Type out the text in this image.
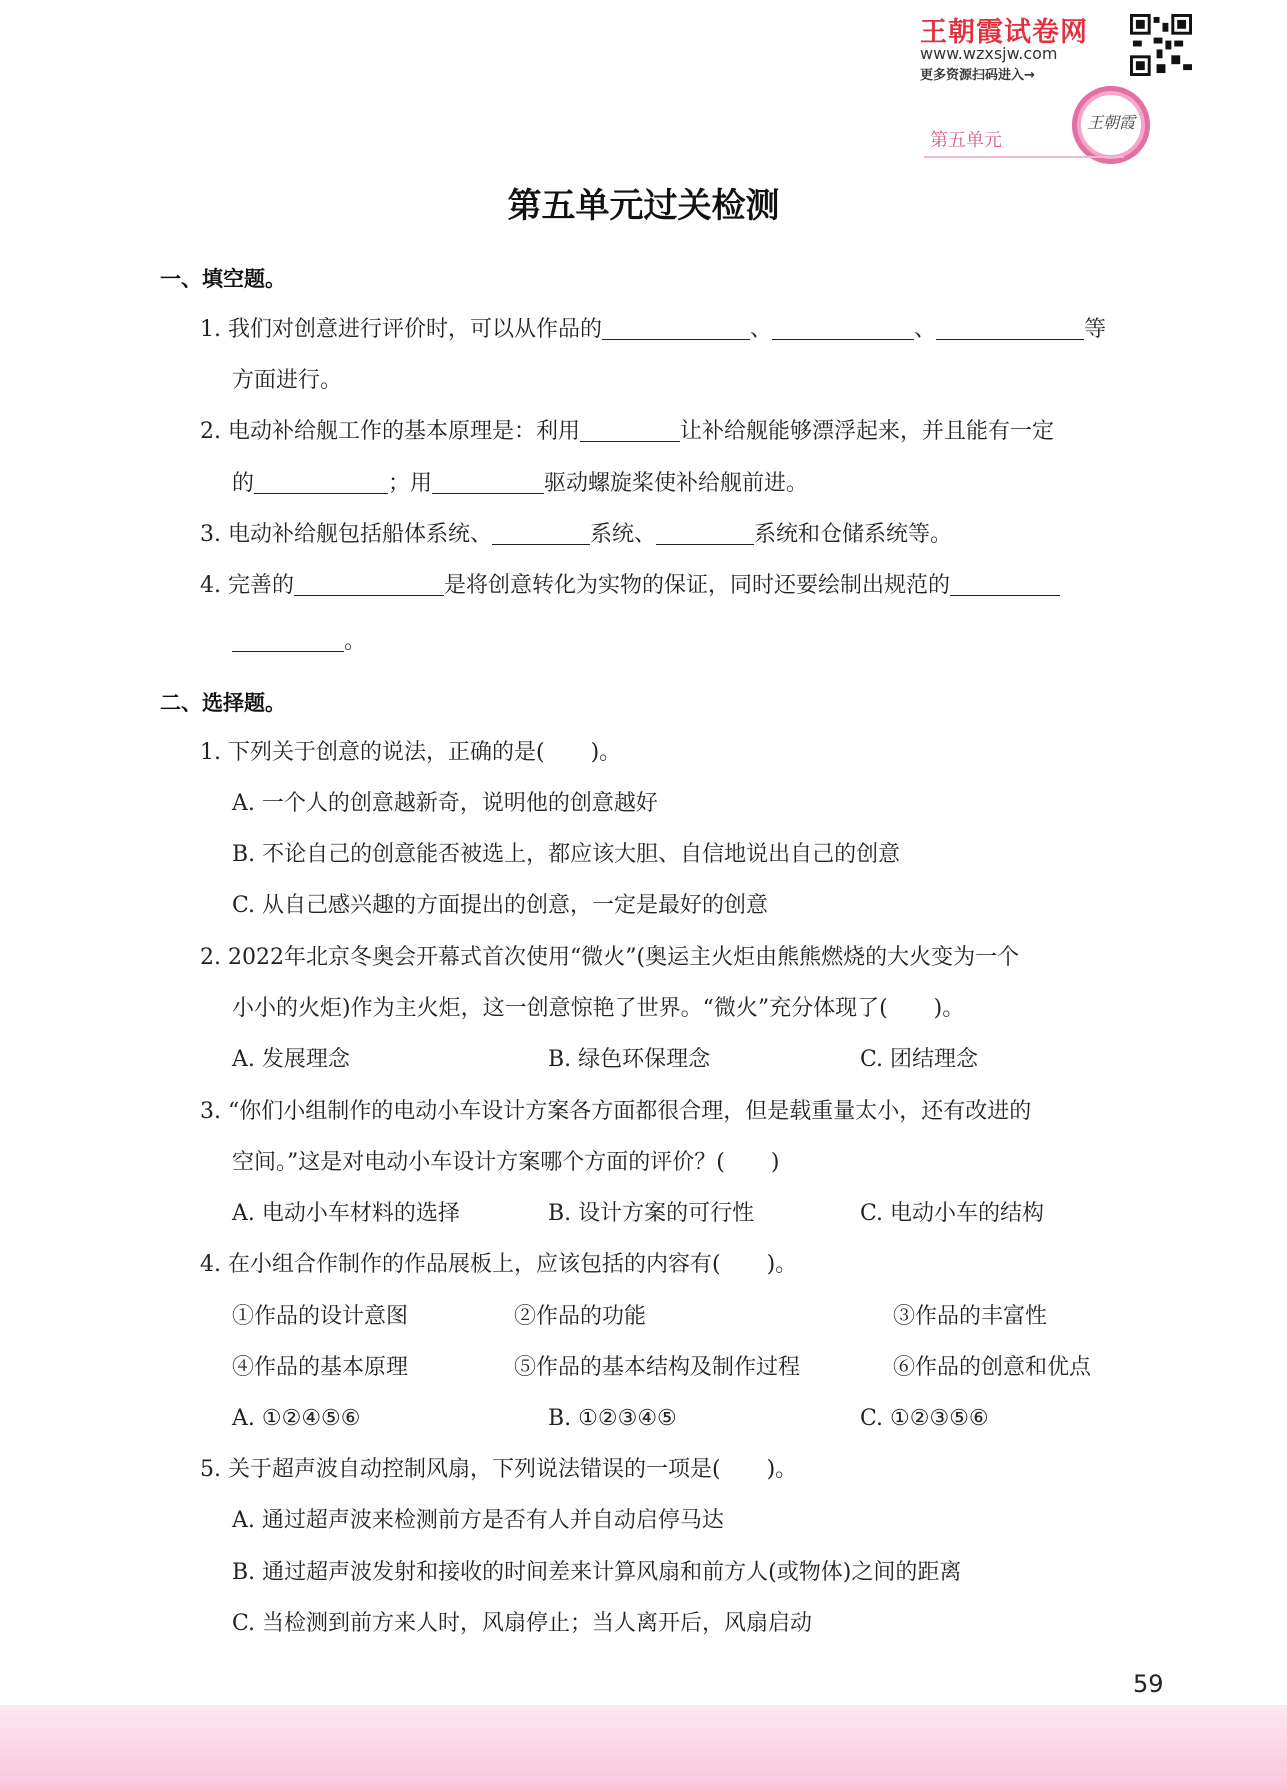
王朝霞试卷网
www.wzxsjw.com
更多资源扫码进入→
王朝霞
第五单元
第五单元过关检测
一、填空题。
1. 我们对创意进行评价时，可以从作品的	、	、	等
方面进行。
2. 电动补给舰工作的基本原理是：利用	让补给舰能够漂浮起来，并且能有一定
的	；用	驱动螺旋桨使补给舰前进。
3. 电动补给舰包括船体系统、	系统、	系统和仓储系统等。
4. 完善的	是将创意转化为实物的保证，同时还要绘制出规范的
。
二、选择题。
1. 下列关于创意的说法，正确的是( )。
A. 一个人的创意越新奇，说明他的创意越好
B. 不论自己的创意能否被选上，都应该大胆、自信地说出自己的创意
C. 从自己感兴趣的方面提出的创意，一定是最好的创意
2. 2022年北京冬奥会开幕式首次使用“微火”(奥运主火炬由熊熊燃烧的大火变为一个
小小的火炬)作为主火炬，这一创意惊艳了世界。“微火”充分体现了( )。
A. 发展理念	B. 绿色环保理念	C. 团结理念
3. “你们小组制作的电动小车设计方案各方面都很合理，但是载重量太小，还有改进的
空间。”这是对电动小车设计方案哪个方面的评价？( )
A. 电动小车材料的选择	B. 设计方案的可行性	C. 电动小车的结构
4. 在小组合作制作的作品展板上，应该包括的内容有( )。
①作品的设计意图	②作品的功能	③作品的丰富性
④作品的基本原理	⑤作品的基本结构及制作过程	⑥作品的创意和优点
A. ①②④⑤⑥	B. ①②③④⑤	C. ①②③⑤⑥
5. 关于超声波自动控制风扇，下列说法错误的一项是( )。
A. 通过超声波来检测前方是否有人并自动启停马达
B. 通过超声波发射和接收的时间差来计算风扇和前方人(或物体)之间的距离
C. 当检测到前方来人时，风扇停止；当人离开后，风扇启动
59
